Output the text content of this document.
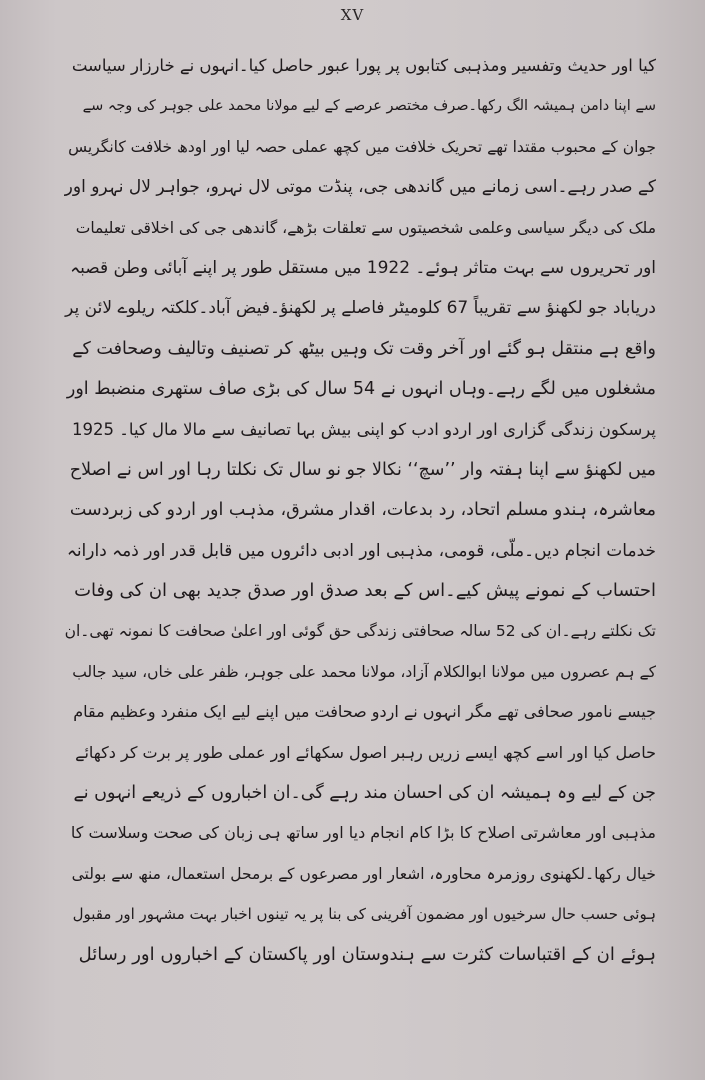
XV
کیا اور حدیث وتفسیر ومذہبی کتابوں پر پورا عبور حاصل کیا۔انہوں نے خارزار سیاست
سے اپنا دامن ہمیشہ الگ رکھا۔صرف مختصر عرصے کے لیے مولانا محمد علی جوہر کی وجہ سے
جوان کے محبوب مقتدا تھے تحریک خلافت میں کچھ عملی حصہ لیا اور اودھ خلافت کانگریس
کے صدر رہے۔اسی زمانے میں گاندھی جی، پنڈت موتی لال نہرو، جواہر لال نہرو اور
ملک کی دیگر سیاسی وعلمی شخصیتوں سے تعلقات بڑھے، گاندھی جی کی اخلاقی تعلیمات
اور تحریروں سے بہت متاثر ہوئے۔ 1922 میں مستقل طور پر اپنے آبائی وطن قصبہ
دریاباد جو لکھنؤ سے تقریباً 67 کلومیٹر فاصلے پر لکھنؤ۔فیض آباد۔کلکتہ ریلوے لائن پر
واقع ہے منتقل ہو گئے اور آخر وقت تک وہیں بیٹھ کر تصنیف وتالیف وصحافت کے
مشغلوں میں لگے رہے۔وہاں انہوں نے 54 سال کی بڑی صاف ستھری منضبط اور
پرسکون زندگی گزاری اور اردو ادب کو اپنی بیش بہا تصانیف سے مالا مال کیا۔ 1925
میں لکھنؤ سے اپنا ہفتہ وار ’’سچ‘‘ نکالا جو نو سال تک نکلتا رہا اور اس نے اصلاح
معاشرہ، ہندو مسلم اتحاد، رد بدعات، اقدار مشرق، مذہب اور اردو کی زبردست
خدمات انجام دیں۔ملّی، قومی، مذہبی اور ادبی دائروں میں قابل قدر اور ذمہ دارانہ
احتساب کے نمونے پیش کیے۔اس کے بعد صدق اور صدق جدید بھی ان کی وفات
تک نکلتے رہے۔ان کی 52 سالہ صحافتی زندگی حق گوئی اور اعلیٰ صحافت کا نمونہ تھی۔ان
کے ہم عصروں میں مولانا ابوالکلام آزاد، مولانا محمد علی جوہر، ظفر علی خاں، سید جالب
جیسے نامور صحافی تھے مگر انہوں نے اردو صحافت میں اپنے لیے ایک منفرد وعظیم مقام
حاصل کیا اور اسے کچھ ایسے زریں رہبر اصول سکھائے اور عملی طور پر برت کر دکھائے
جن کے لیے وہ ہمیشہ ان کی احسان مند رہے گی۔ان اخباروں کے ذریعے انہوں نے
مذہبی اور معاشرتی اصلاح کا بڑا کام انجام دیا اور ساتھ ہی زبان کی صحت وسلاست کا
خیال رکھا۔لکھنوی روزمرہ محاورہ، اشعار اور مصرعوں کے برمحل استعمال، منھ سے بولتی
ہوئی حسب حال سرخیوں اور مضمون آفرینی کی بنا پر یہ تینوں اخبار بہت مشہور اور مقبول
ہوئے ان کے اقتباسات کثرت سے ہندوستان اور پاکستان کے اخباروں اور رسائل
